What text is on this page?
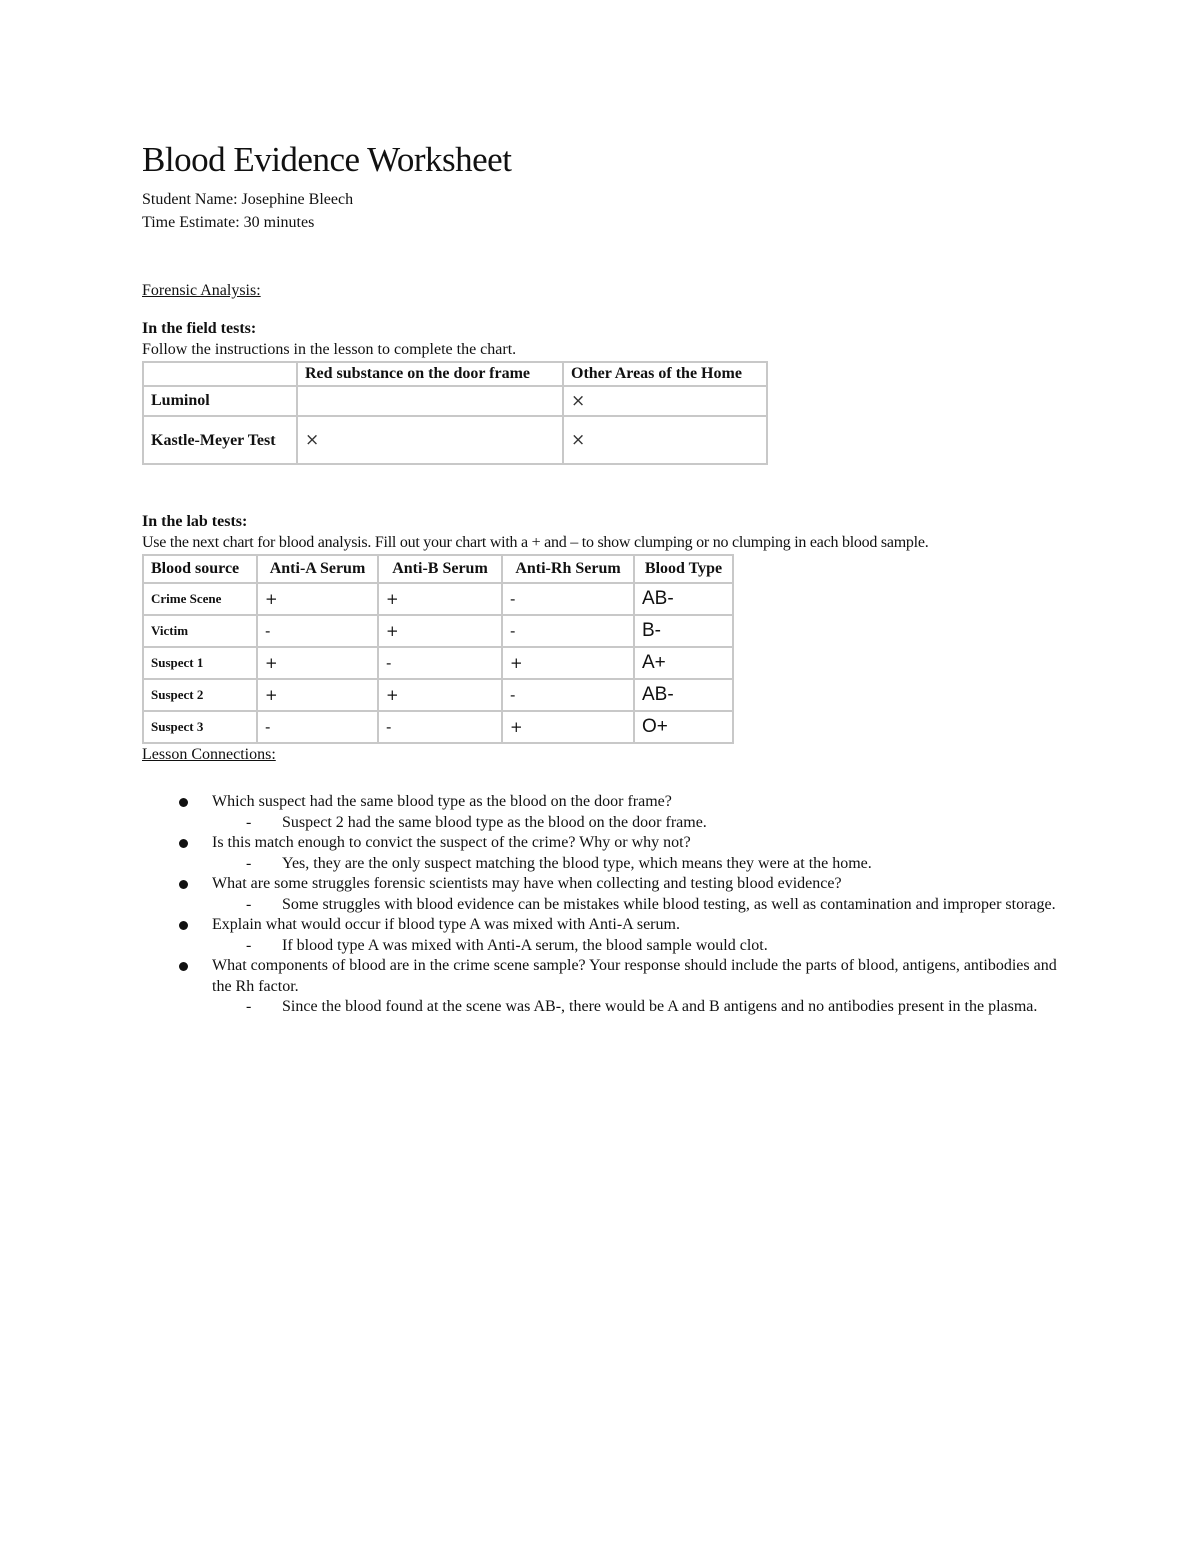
Blood Evidence Worksheet
Student Name: Josephine Bleech
Time Estimate: 30 minutes
Forensic Analysis:
In the field tests:
Follow the instructions in the lesson to complete the chart.
	Red substance on the door frame	Other Areas of the Home
Luminol		×
Kastle-Meyer Test	×	×
In the lab tests:
Use the next chart for blood analysis. Fill out your chart with a + and – to show clumping or no clumping in each blood sample.
Blood source	Anti-A Serum	Anti-B Serum	Anti-Rh Serum	Blood Type
Crime Scene	+	+	-	AB-
Victim	-	+	-	B-
Suspect 1	+	-	+	A+
Suspect 2	+	+	-	AB-
Suspect 3	-	-	+	O+
Lesson Connections:
Which suspect had the same blood type as the blood on the door frame?
- Suspect 2 had the same blood type as the blood on the door frame.
Is this match enough to convict the suspect of the crime? Why or why not?
- Yes, they are the only suspect matching the blood type, which means they were at the home.
What are some struggles forensic scientists may have when collecting and testing blood evidence?
- Some struggles with blood evidence can be mistakes while blood testing, as well as contamination and improper storage.
Explain what would occur if blood type A was mixed with Anti-A serum.
- If blood type A was mixed with Anti-A serum, the blood sample would clot.
What components of blood are in the crime scene sample? Your response should include the parts of blood, antigens, antibodies and the Rh factor.
- Since the blood found at the scene was AB-, there would be A and B antigens and no antibodies present in the plasma.
